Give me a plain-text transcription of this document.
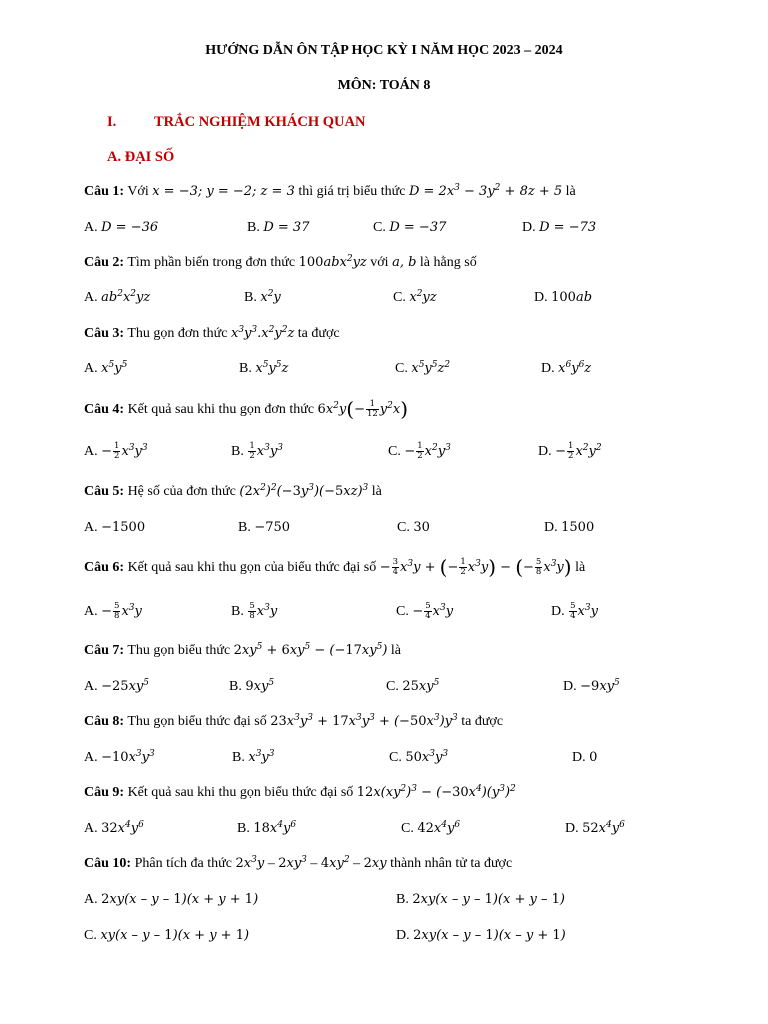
HƯỚNG DẪN ÔN TẬP HỌC KỲ I NĂM HỌC 2023 – 2024
MÔN: TOÁN 8
I.	TRẮC NGHIỆM KHÁCH QUAN
A. ĐẠI SỐ
Câu 1: Với x = −3; y = −2; z = 3 thì giá trị biểu thức $D = 2x^3 - 3y^2 + 8z + 5$ là
A. D = −36	B. D = 37	C. D = −37	D. D = −73
Câu 2: Tìm phần biến trong đơn thức 100abx$^2$yz với a, b là hằng số
A. $ab^2x^2yz$	B. $x^2y$	C. $x^2yz$	D. 100ab
Câu 3: Thu gọn đơn thức $x^3y^3.x^2y^2z$ ta được
A. $x^5y^5$	B. $x^5y^5z$	C. $x^5y^5z^2$	D. $x^6y^6z$
Câu 4: Kết quả sau khi thu gọn đơn thức $6x^2y(- \frac{1}{12} y^2x)$
A. − $\frac{1}{2} x^3y^3$	B. $\frac{1}{2} x^3y^3$	C. − $\frac{1}{2} x^2y^3$	D. − $\frac{1}{2} x^2y^2$
Câu 5: Hệ số của đơn thức $(2x^2)^2(-3y^3)(-5xz)^3$ là
A. −1500	B. −750	C. 30	D. 1500
Câu 6: Kết quả sau khi thu gọn của biểu thức đại số − $\frac{3}{4} x^3y$ + (− $\frac{1}{2} x^3y$) − (− $\frac{5}{8} x^3y$) là
A. − $\frac{5}{8} x^3y$	B. $\frac{5}{8} x^3y$	C. − $\frac{5}{4} x^3y$	D. $\frac{5}{4} x^3y$
Câu 7: Thu gọn biểu thức $2xy^5 + 6xy^5 - (-17xy^5)$ là
A. $-25xy^5$	B. $9xy^5$	C. $25xy^5$	D. $-9xy^5$
Câu 8: Thu gọn biểu thức đại số $23x^3y^3 + 17x^3y^3 + (-50x^3)y^3$ ta được
A. $-10x^3y^3$	B. $x^3y^3$	C. $50x^3y^3$	D. 0
Câu 9: Kết quả sau khi thu gọn biểu thức đại số $12x(xy^2)^3 - (-30x^4)(y^3)^2$
A. $32x^4y^6$	B. $18x^4y^6$	C. $42x^4y^6$	D. $52x^4y^6$
Câu 10: Phân tích đa thức $2x^3y - 2xy^3 - 4xy^2 - 2xy$ thành nhân tử ta được
A. 2xy(x – y – 1)(x + y + 1)	B. 2xy(x – y – 1)(x + y – 1)
C. xy(x – y – 1)(x + y + 1)	D. 2xy(x – y – 1)(x – y + 1)
